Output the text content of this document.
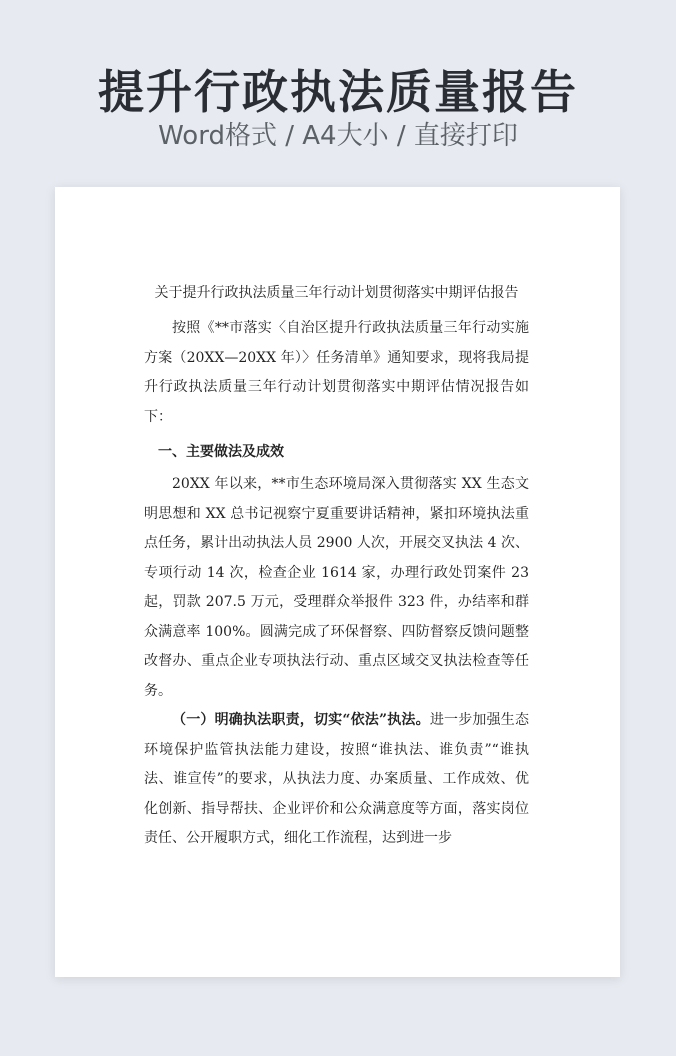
提升行政执法质量报告
Word格式 / A4大小 / 直接打印
关于提升行政执法质量三年行动计划贯彻落实中期评估报告

按照《**市落实〈自治区提升行政执法质量三年行动实施方案（20XX—20XX 年）〉任务清单》通知要求，现将我局提升行政执法质量三年行动计划贯彻落实中期评估情况报告如下：

一、主要做法及成效

20XX 年以来，**市生态环境局深入贯彻落实 XX 生态文明思想和 XX 总书记视察宁夏重要讲话精神，紧扣环境执法重点任务，累计出动执法人员 2900 人次，开展交叉执法 4 次、专项行动 14 次，检查企业 1614 家，办理行政处罚案件 23 起，罚款 207.5 万元，受理群众举报件 323 件，办结率和群众满意率 100%。圆满完成了环保督察、四防督察反馈问题整改督办、重点企业专项执法行动、重点区域交叉执法检查等任务。

（一）明确执法职责，切实“依法”执法。进一步加强生态环境保护监管执法能力建设，按照“谁执法、谁负责”“谁执法、谁宣传”的要求，从执法力度、办案质量、工作成效、优化创新、指导帮扶、企业评价和公众满意度等方面，落实岗位责任、公开履职方式，细化工作流程，达到进一步
